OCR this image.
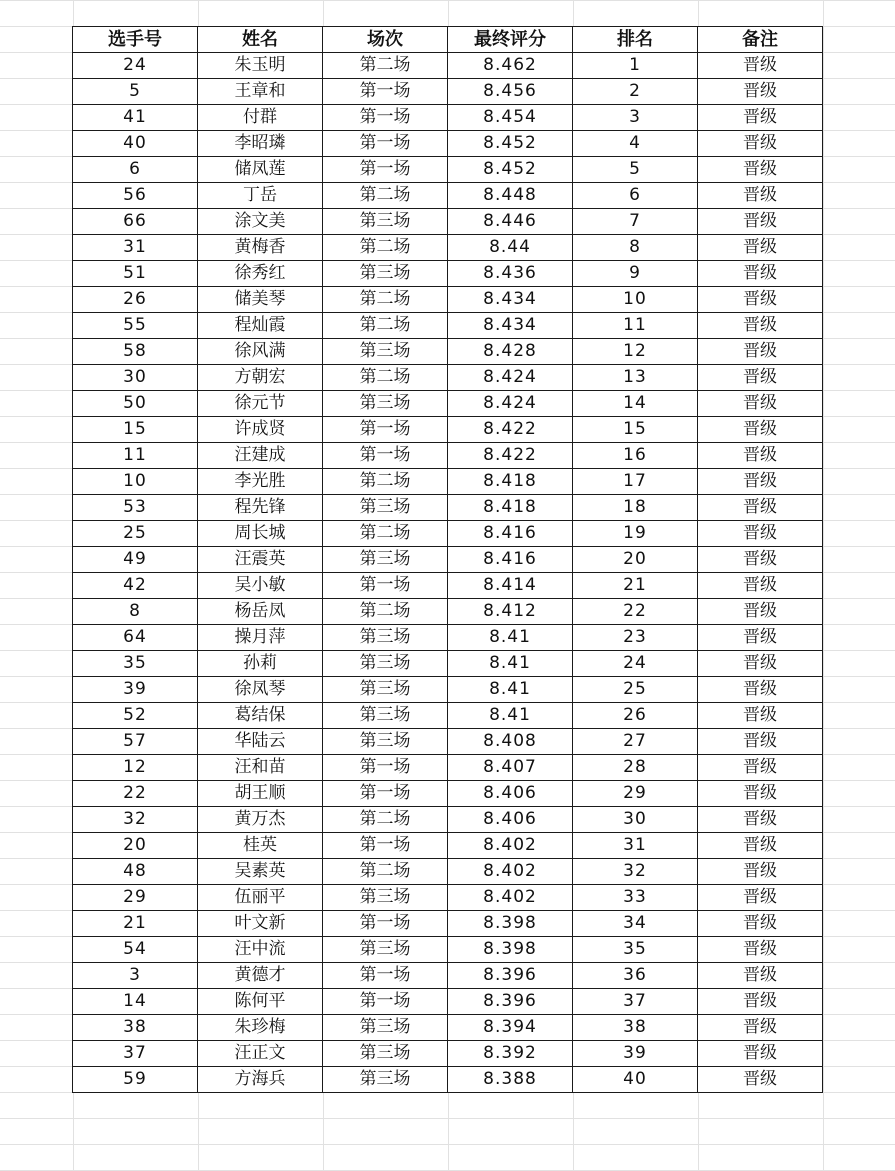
选手号	姓名	场次	最终评分	排名	备注
24	朱玉明	第二场	8.462	1	晋级
5	王章和	第一场	8.456	2	晋级
41	付群	第一场	8.454	3	晋级
40	李昭璘	第一场	8.452	4	晋级
6	储凤莲	第一场	8.452	5	晋级
56	丁岳	第二场	8.448	6	晋级
66	涂文美	第三场	8.446	7	晋级
31	黄梅香	第二场	8.44	8	晋级
51	徐秀红	第三场	8.436	9	晋级
26	储美琴	第二场	8.434	10	晋级
55	程灿霞	第二场	8.434	11	晋级
58	徐风满	第三场	8.428	12	晋级
30	方朝宏	第二场	8.424	13	晋级
50	徐元节	第三场	8.424	14	晋级
15	许成贤	第一场	8.422	15	晋级
11	汪建成	第一场	8.422	16	晋级
10	李光胜	第二场	8.418	17	晋级
53	程先锋	第三场	8.418	18	晋级
25	周长城	第二场	8.416	19	晋级
49	汪震英	第三场	8.416	20	晋级
42	吴小敏	第一场	8.414	21	晋级
8	杨岳凤	第二场	8.412	22	晋级
64	操月萍	第三场	8.41	23	晋级
35	孙莉	第三场	8.41	24	晋级
39	徐凤琴	第三场	8.41	25	晋级
52	葛结保	第三场	8.41	26	晋级
57	华陆云	第三场	8.408	27	晋级
12	汪和苗	第一场	8.407	28	晋级
22	胡王顺	第一场	8.406	29	晋级
32	黄万杰	第二场	8.406	30	晋级
20	桂英	第一场	8.402	31	晋级
48	吴素英	第二场	8.402	32	晋级
29	伍丽平	第三场	8.402	33	晋级
21	叶文新	第一场	8.398	34	晋级
54	汪中流	第三场	8.398	35	晋级
3	黄德才	第一场	8.396	36	晋级
14	陈何平	第一场	8.396	37	晋级
38	朱珍梅	第三场	8.394	38	晋级
37	汪正文	第三场	8.392	39	晋级
59	方海兵	第三场	8.388	40	晋级
